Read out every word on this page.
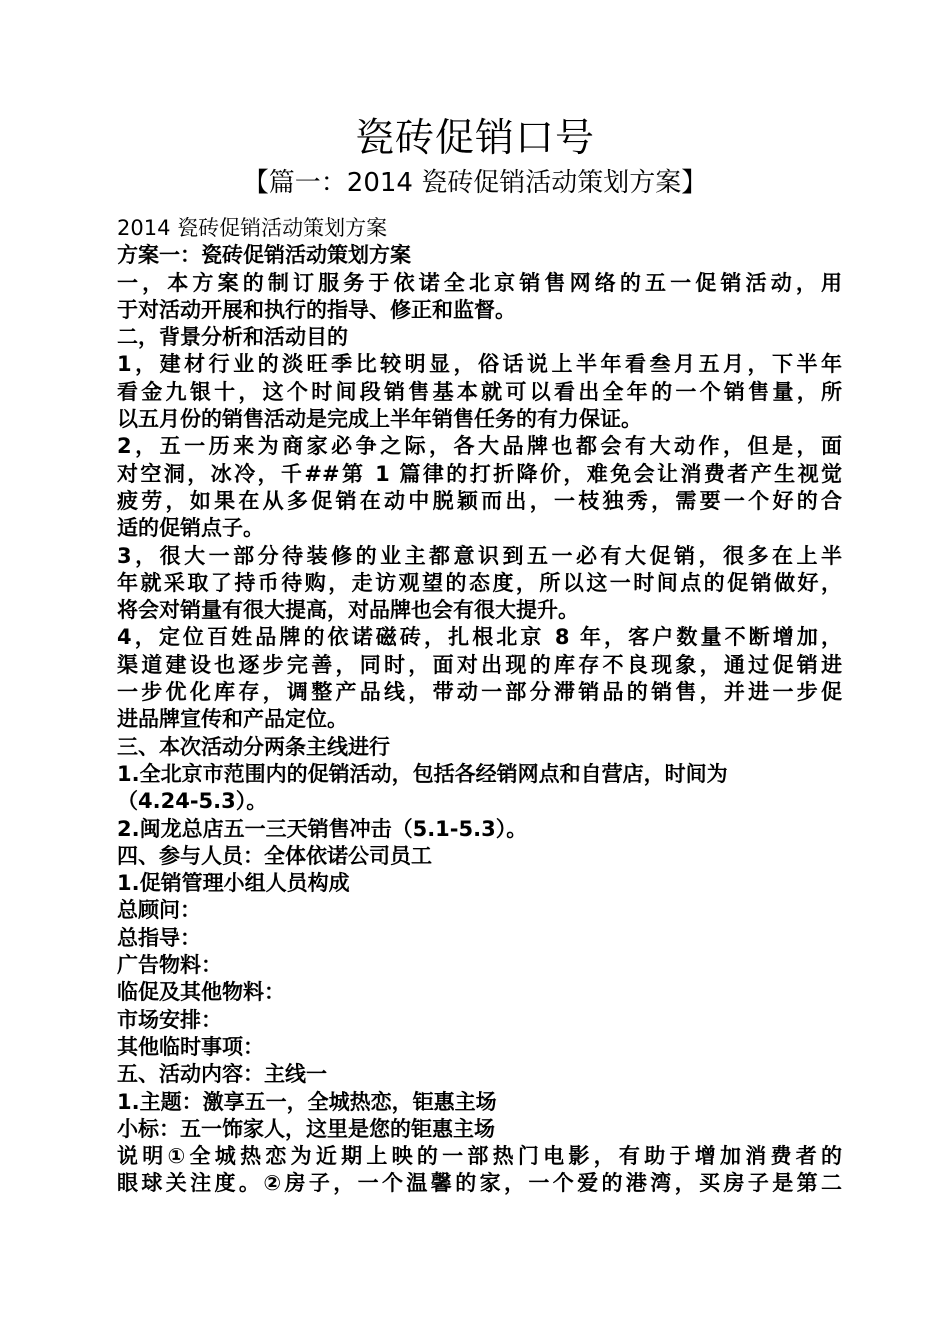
瓷砖促销口号
【篇一：2014 瓷砖促销活动策划方案】
2014 瓷砖促销活动策划方案
方案一：瓷砖促销活动策划方案
一，本方案的制订服务于依诺全北京销售网络的五一促销活动，用
于对活动开展和执行的指导、修正和监督。
二，背景分析和活动目的
1，建材行业的淡旺季比较明显，俗话说上半年看叁月五月，下半年
看金九银十，这个时间段销售基本就可以看出全年的一个销售量，所
以五月份的销售活动是完成上半年销售任务的有力保证。
2，五一历来为商家必争之际，各大品牌也都会有大动作，但是，面
对空洞，冰冷，千##第 1 篇律的打折降价，难免会让消费者产生视觉
疲劳，如果在从多促销在动中脱颖而出，一枝独秀，需要一个好的合
适的促销点子。
3，很大一部分待装修的业主都意识到五一必有大促销，很多在上半
年就采取了持币待购，走访观望的态度，所以这一时间点的促销做好，
将会对销量有很大提高，对品牌也会有很大提升。
4，定位百姓品牌的依诺磁砖，扎根北京 8 年，客户数量不断增加，
渠道建设也逐步完善，同时，面对出现的库存不良现象，通过促销进
一步优化库存，调整产品线，带动一部分滞销品的销售，并进一步促
进品牌宣传和产品定位。
三、本次活动分两条主线进行
1.全北京市范围内的促销活动，包括各经销网点和自营店，时间为
（4.24-5.3）。
2.闽龙总店五一三天销售冲击（5.1-5.3）。
四、参与人员：全体依诺公司员工
1.促销管理小组人员构成
总顾问：
总指导：
广告物料：
临促及其他物料：
市场安排：
其他临时事项：
五、活动内容：主线一
1.主题：激享五一，全城热恋，钜惠主场
小标：五一饰家人，这里是您的钜惠主场
说明①全城热恋为近期上映的一部热门电影，有助于增加消费者的
眼球关注度。②房子，一个温馨的家，一个爱的港湾，买房子是第二
